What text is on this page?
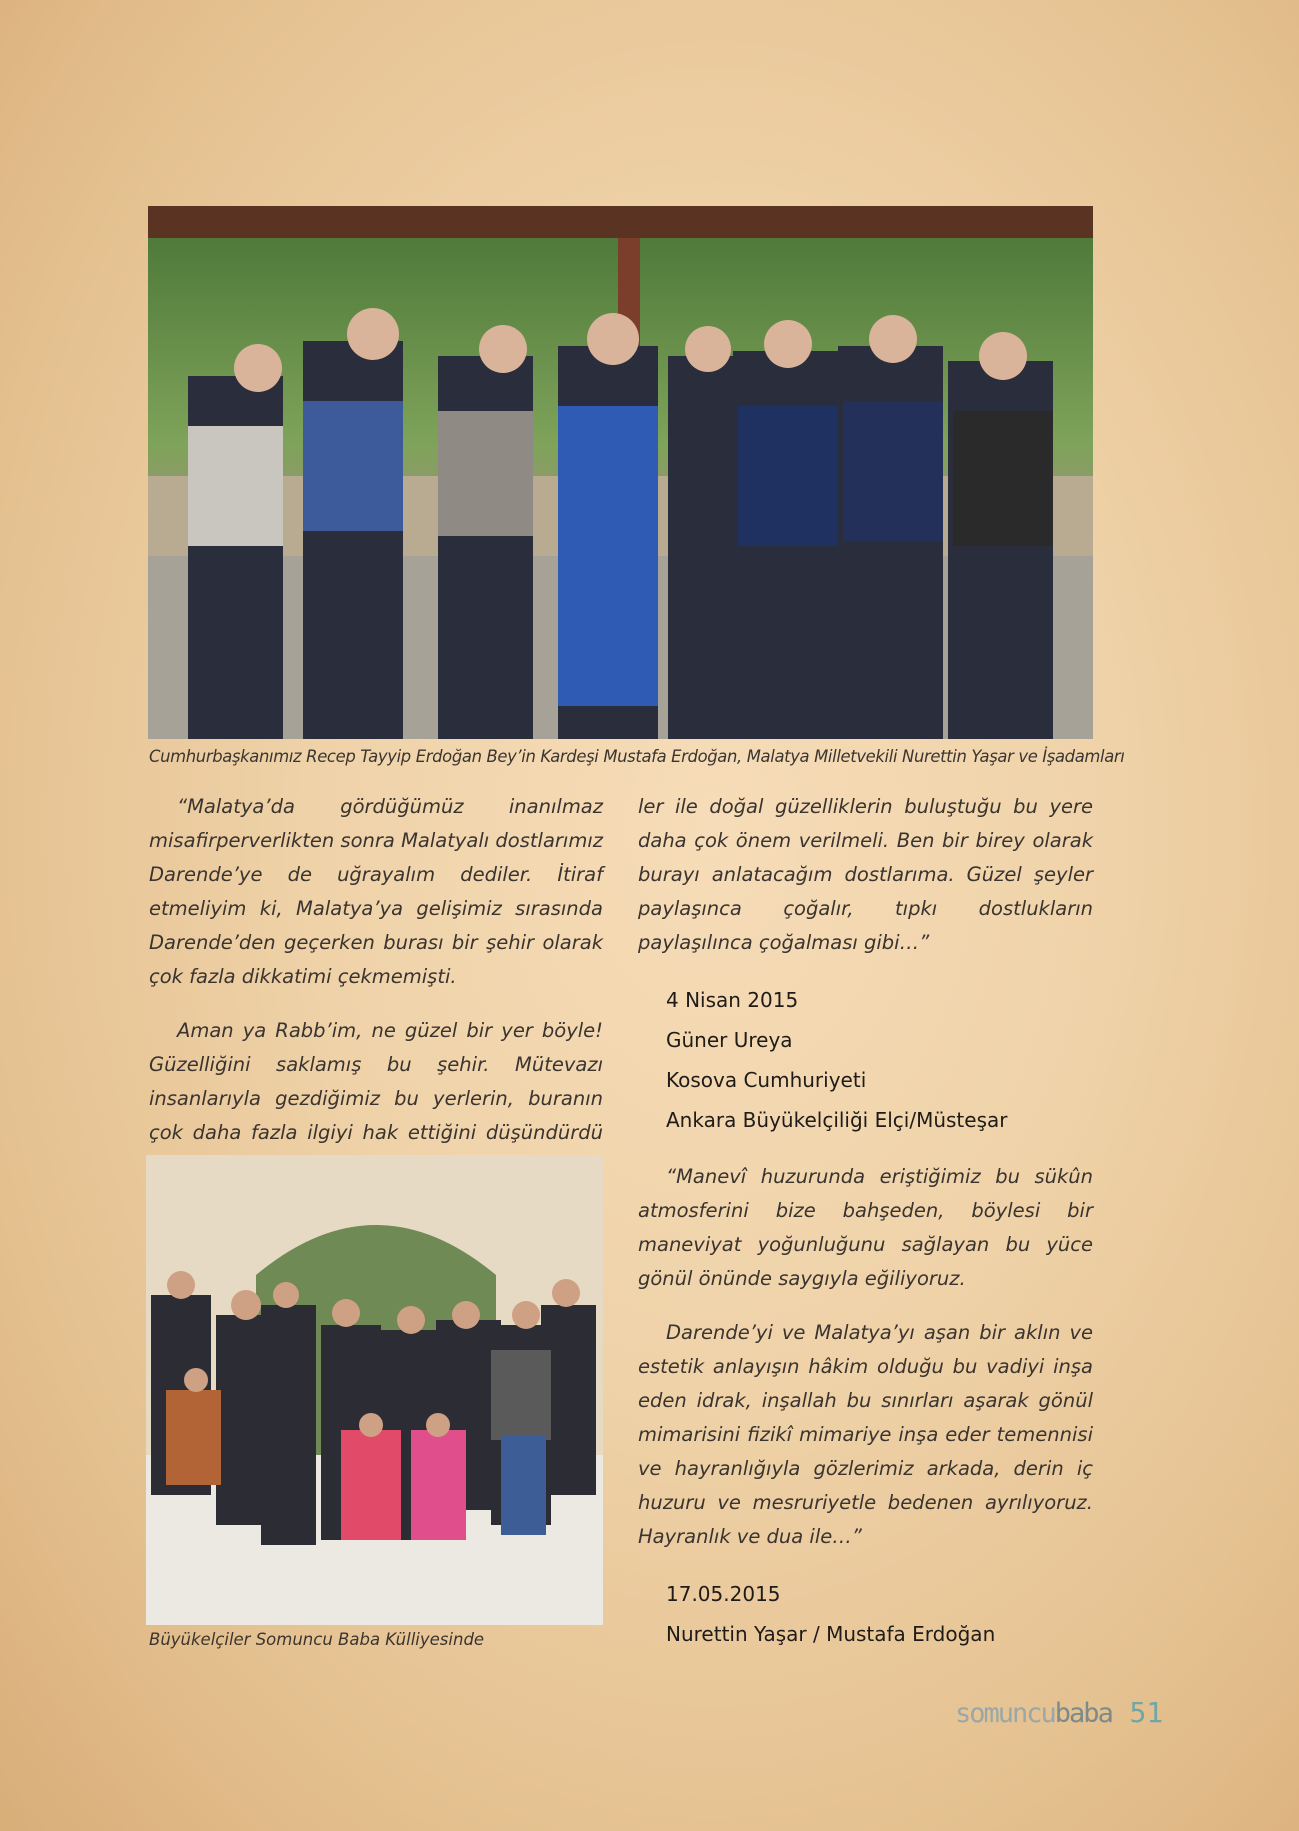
Cumhurbaşkanımız Recep Tayyip Erdoğan Bey’in Kardeşi Mustafa Erdoğan, Malatya Milletvekili Nurettin Yaşar ve İşadamları

“Malatya’da gördüğümüz inanılmaz misafirperverlikten sonra Malatyalı dostlarımız Darende’ye de uğrayalım dediler. İtiraf etmeliyim ki, Malatya’ya gelişimiz sırasında Darende’den geçerken burası bir şehir olarak çok fazla dikkatimi çekmemişti.

Aman ya Rabb’im, ne güzel bir yer böyle! Güzelliğini saklamış bu şehir. Mütevazı insanlarıyla gezdiğimiz bu yerlerin, buranın çok daha fazla ilgiyi hak ettiğini düşündürdü

Büyükelçiler Somuncu Baba Külliyesinde

ler ile doğal güzelliklerin buluştuğu bu yere daha çok önem verilmeli. Ben bir birey olarak burayı anlatacağım dostlarıma. Güzel şeyler paylaşınca çoğalır, tıpkı dostlukların paylaşılınca çoğalması gibi…”

4 Nisan 2015
Güner Ureya
Kosova Cumhuriyeti
Ankara Büyükelçiliği Elçi/Müsteşar

“Manevî huzurunda eriştiğimiz bu sükûn atmosferini bize bahşeden, böylesi bir maneviyat yoğunluğunu sağlayan bu yüce gönül önünde saygıyla eğiliyoruz.

Darende’yi ve Malatya’yı aşan bir aklın ve estetik anlayışın hâkim olduğu bu vadiyi inşa eden idrak, inşallah bu sınırları aşarak gönül mimarisini fizikî mimariye inşa eder temennisi ve hayranlığıyla gözlerimiz arkada, derin iç huzuru ve mesruriyetle bedenen ayrılıyoruz. Hayranlık ve dua ile…”

17.05.2015
Nurettin Yaşar / Mustafa Erdoğan
somuncubaba 51
